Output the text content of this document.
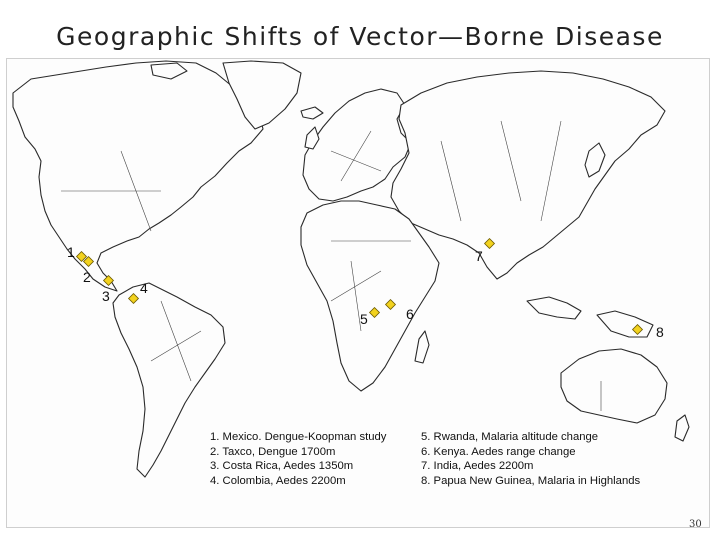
Geographic Shifts of Vector—Borne Disease
1
2
3 4
5	6
7
8
1. Mexico. Dengue-Koopman study
2. Taxco, Dengue 1700m
3. Costa Rica, Aedes 1350m
4. Colombia, Aedes 2200m
5. Rwanda, Malaria altitude change
6. Kenya. Aedes range change
7. India, Aedes 2200m
8. Papua New Guinea, Malaria in Highlands
30
